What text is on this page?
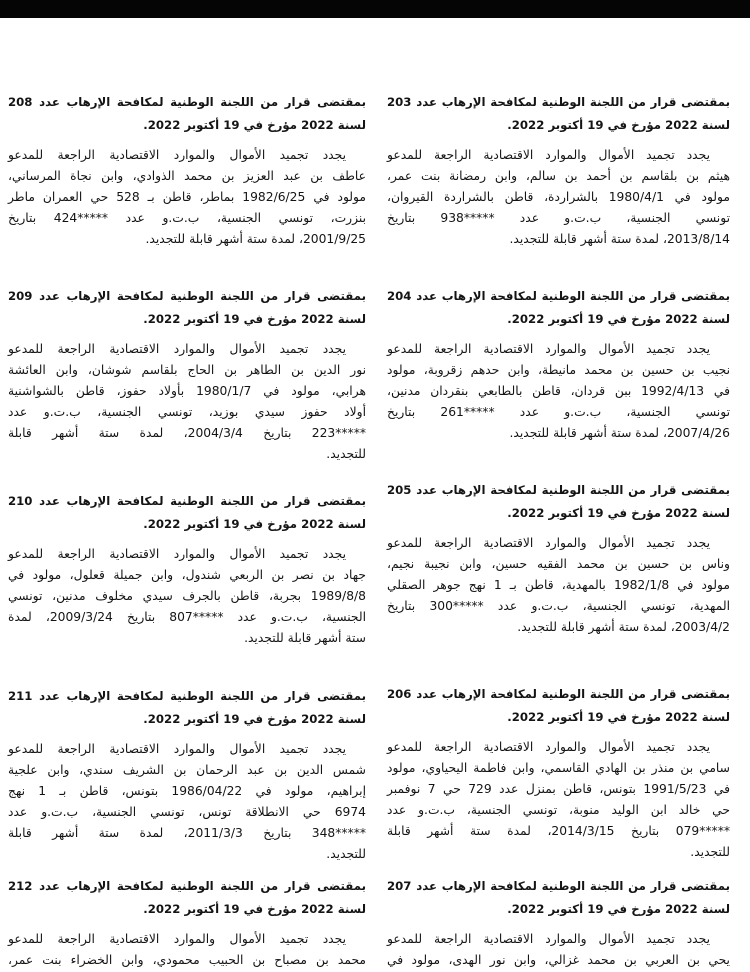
بمقتضى قرار من اللجنة الوطنية لمكافحة الإرهاب عدد 203
لسنة 2022 مؤرخ في 19 أكتوبر 2022.
يجدد تجميد الأموال والموارد الاقتصادية الراجعة للمدعو
هيثم بن بلقاسم بن أحمد بن سالم، وابن رمضانة بنت عمر،
مولود في 1980/4/1 بالشراردة، قاطن بالشراردة القيروان،
تونسي الجنسية، ب.ت.و عدد *****938 بتاريخ
2013/8/14، لمدة ستة أشهر قابلة للتجديد.
بمقتضى قرار من اللجنة الوطنية لمكافحة الإرهاب عدد 204
لسنة 2022 مؤرخ في 19 أكتوبر 2022.
يجدد تجميد الأموال والموارد الاقتصادية الراجعة للمدعو
نجيب بن حسين بن محمد مانيطة، وابن حدهم زقروبة، مولود
في 1992/4/13 ببن قردان، قاطن بالطابعي بنقردان مدنين،
تونسي الجنسية، ب.ت.و عدد *****261 بتاريخ
2007/4/26، لمدة ستة أشهر قابلة للتجديد.
بمقتضى قرار من اللجنة الوطنية لمكافحة الإرهاب عدد 205
لسنة 2022 مؤرخ في 19 أكتوبر 2022.
يجدد تجميد الأموال والموارد الاقتصادية الراجعة للمدعو
وناس بن حسين بن محمد الفقيه حسين، وابن نجيبة نجيم،
مولود في 1982/1/8 بالمهدية، قاطن بـ 1 نهج جوهر الصقلي
المهدية، تونسي الجنسية، ب.ت.و عدد *****300 بتاريخ
2003/4/2، لمدة ستة أشهر قابلة للتجديد.
بمقتضى قرار من اللجنة الوطنية لمكافحة الإرهاب عدد 206
لسنة 2022 مؤرخ في 19 أكتوبر 2022.
يجدد تجميد الأموال والموارد الاقتصادية الراجعة للمدعو
سامي بن منذر بن الهادي القاسمي، وابن فاطمة اليحياوي، مولود
في 1991/5/23 بتونس، قاطن بمنزل عدد 729 حي 7 نوفمبر
حي خالد ابن الوليد منوبة، تونسي الجنسية، ب.ت.و عدد
*****079 بتاريخ 2014/3/15، لمدة ستة أشهر قابلة
للتجديد.
بمقتضى قرار من اللجنة الوطنية لمكافحة الإرهاب عدد 207
لسنة 2022 مؤرخ في 19 أكتوبر 2022.
يجدد تجميد الأموال والموارد الاقتصادية الراجعة للمدعو
يحي بن العربي بن محمد غزالي، وابن نور الهدى، مولود في
بمقتضى قرار من اللجنة الوطنية لمكافحة الإرهاب عدد 208
لسنة 2022 مؤرخ في 19 أكتوبر 2022.
يجدد تجميد الأموال والموارد الاقتصادية الراجعة للمدعو
عاطف بن عبد العزيز بن محمد الذوادي، وابن نجاة المرساني،
مولود في 1982/6/25 بماطر، قاطن بـ 528 حي العمران ماطر
بنزرت، تونسي الجنسية، ب.ت.و عدد *****424 بتاريخ
2001/9/25، لمدة ستة أشهر قابلة للتجديد.
بمقتضى قرار من اللجنة الوطنية لمكافحة الإرهاب عدد 209
لسنة 2022 مؤرخ في 19 أكتوبر 2022.
يجدد تجميد الأموال والموارد الاقتصادية الراجعة للمدعو
نور الدين بن الطاهر بن الحاج بلقاسم شوشان، وابن العائشة
هرابي، مولود في 1980/1/7 بأولاد حفوز، قاطن بالشواشنية
أولاد حفوز سيدي بوزيد، تونسي الجنسية، ب.ت.و عدد
*****223 بتاريخ 2004/3/4، لمدة ستة أشهر قابلة
للتجديد.
بمقتضى قرار من اللجنة الوطنية لمكافحة الإرهاب عدد 210
لسنة 2022 مؤرخ في 19 أكتوبر 2022.
يجدد تجميد الأموال والموارد الاقتصادية الراجعة للمدعو
جهاد بن نصر بن الربعي شندول، وابن جميلة قعلول، مولود في
1989/8/8 بجربة، قاطن بالجرف سيدي مخلوف مدنين، تونسي
الجنسية، ب.ت.و عدد *****807 بتاريخ 2009/3/24، لمدة
ستة أشهر قابلة للتجديد.
بمقتضى قرار من اللجنة الوطنية لمكافحة الإرهاب عدد 211
لسنة 2022 مؤرخ في 19 أكتوبر 2022.
يجدد تجميد الأموال والموارد الاقتصادية الراجعة للمدعو
شمس الدين بن عبد الرحمان بن الشريف سندي، وابن علجية
إبراهيم، مولود في 1986/04/22 بتونس، قاطن بـ 1 نهج
6974 حي الانطلاقة تونس، تونسي الجنسية، ب.ت.و عدد
*****348 بتاريخ 2011/3/3، لمدة ستة أشهر قابلة
للتجديد.
بمقتضى قرار من اللجنة الوطنية لمكافحة الإرهاب عدد 212
لسنة 2022 مؤرخ في 19 أكتوبر 2022.
يجدد تجميد الأموال والموارد الاقتصادية الراجعة للمدعو
محمد بن مصباح بن الحبيب محمودي، وابن الخضراء بنت عمر،
